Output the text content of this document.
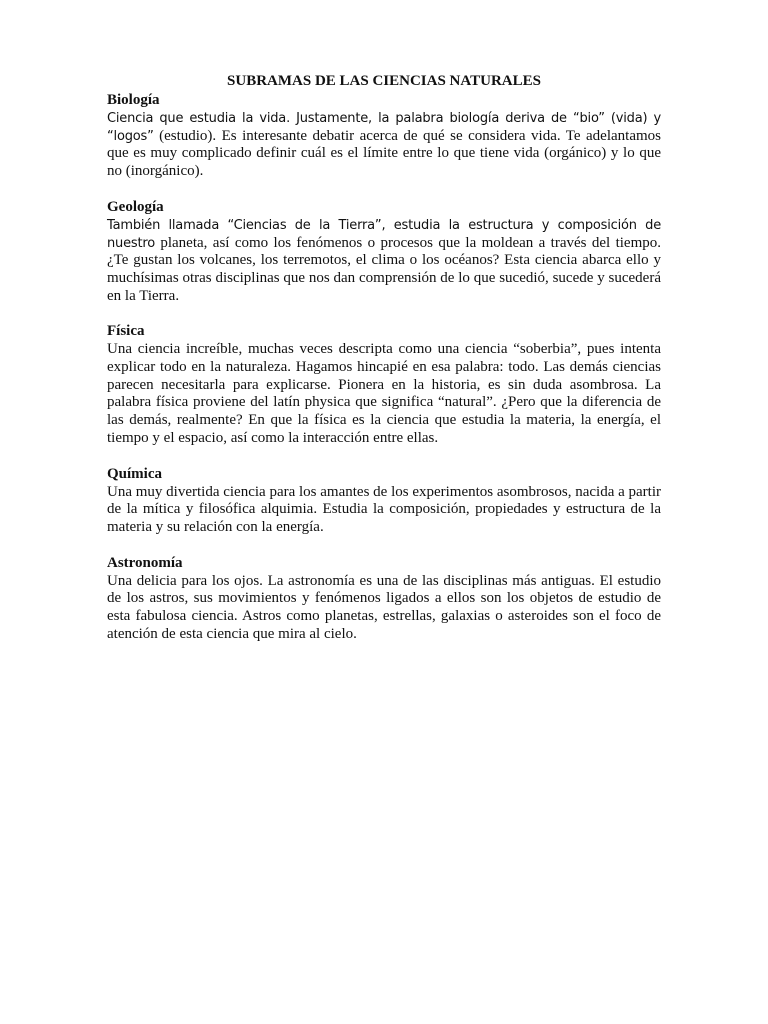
SUBRAMAS DE LAS CIENCIAS NATURALES
Biología

Ciencia que estudia la vida. Justamente, la palabra biología deriva de “bio” (vida) y “logos” (estudio). Es interesante debatir acerca de qué se considera vida. Te adelantamos que es muy complicado definir cuál es el límite entre lo que tiene vida (orgánico) y lo que no (inorgánico).

Geología

También llamada “Ciencias de la Tierra”, estudia la estructura y composición de nuestro planeta, así como los fenómenos o procesos que la moldean a través del tiempo. ¿Te gustan los volcanes, los terremotos, el clima o los océanos? Esta ciencia abarca ello y muchísimas otras disciplinas que nos dan comprensión de lo que sucedió, sucede y sucederá en la Tierra.

Física

Una ciencia increíble, muchas veces descripta como una ciencia “soberbia”, pues intenta explicar todo en la naturaleza. Hagamos hincapié en esa palabra: todo. Las demás ciencias parecen necesitarla para explicarse. Pionera en la historia, es sin duda asombrosa. La palabra física proviene del latín physica que significa “natural”. ¿Pero que la diferencia de las demás, realmente? En que la física es la ciencia que estudia la materia, la energía, el tiempo y el espacio, así como la interacción entre ellas.

Química

Una muy divertida ciencia para los amantes de los experimentos asombrosos, nacida a partir de la mítica y filosófica alquimia. Estudia la composición, propiedades y estructura de la materia y su relación con la energía.

Astronomía

Una delicia para los ojos. La astronomía es una de las disciplinas más antiguas. El estudio de los astros, sus movimientos y fenómenos ligados a ellos son los objetos de estudio de esta fabulosa ciencia. Astros como planetas, estrellas, galaxias o asteroides son el foco de atención de esta ciencia que mira al cielo.
